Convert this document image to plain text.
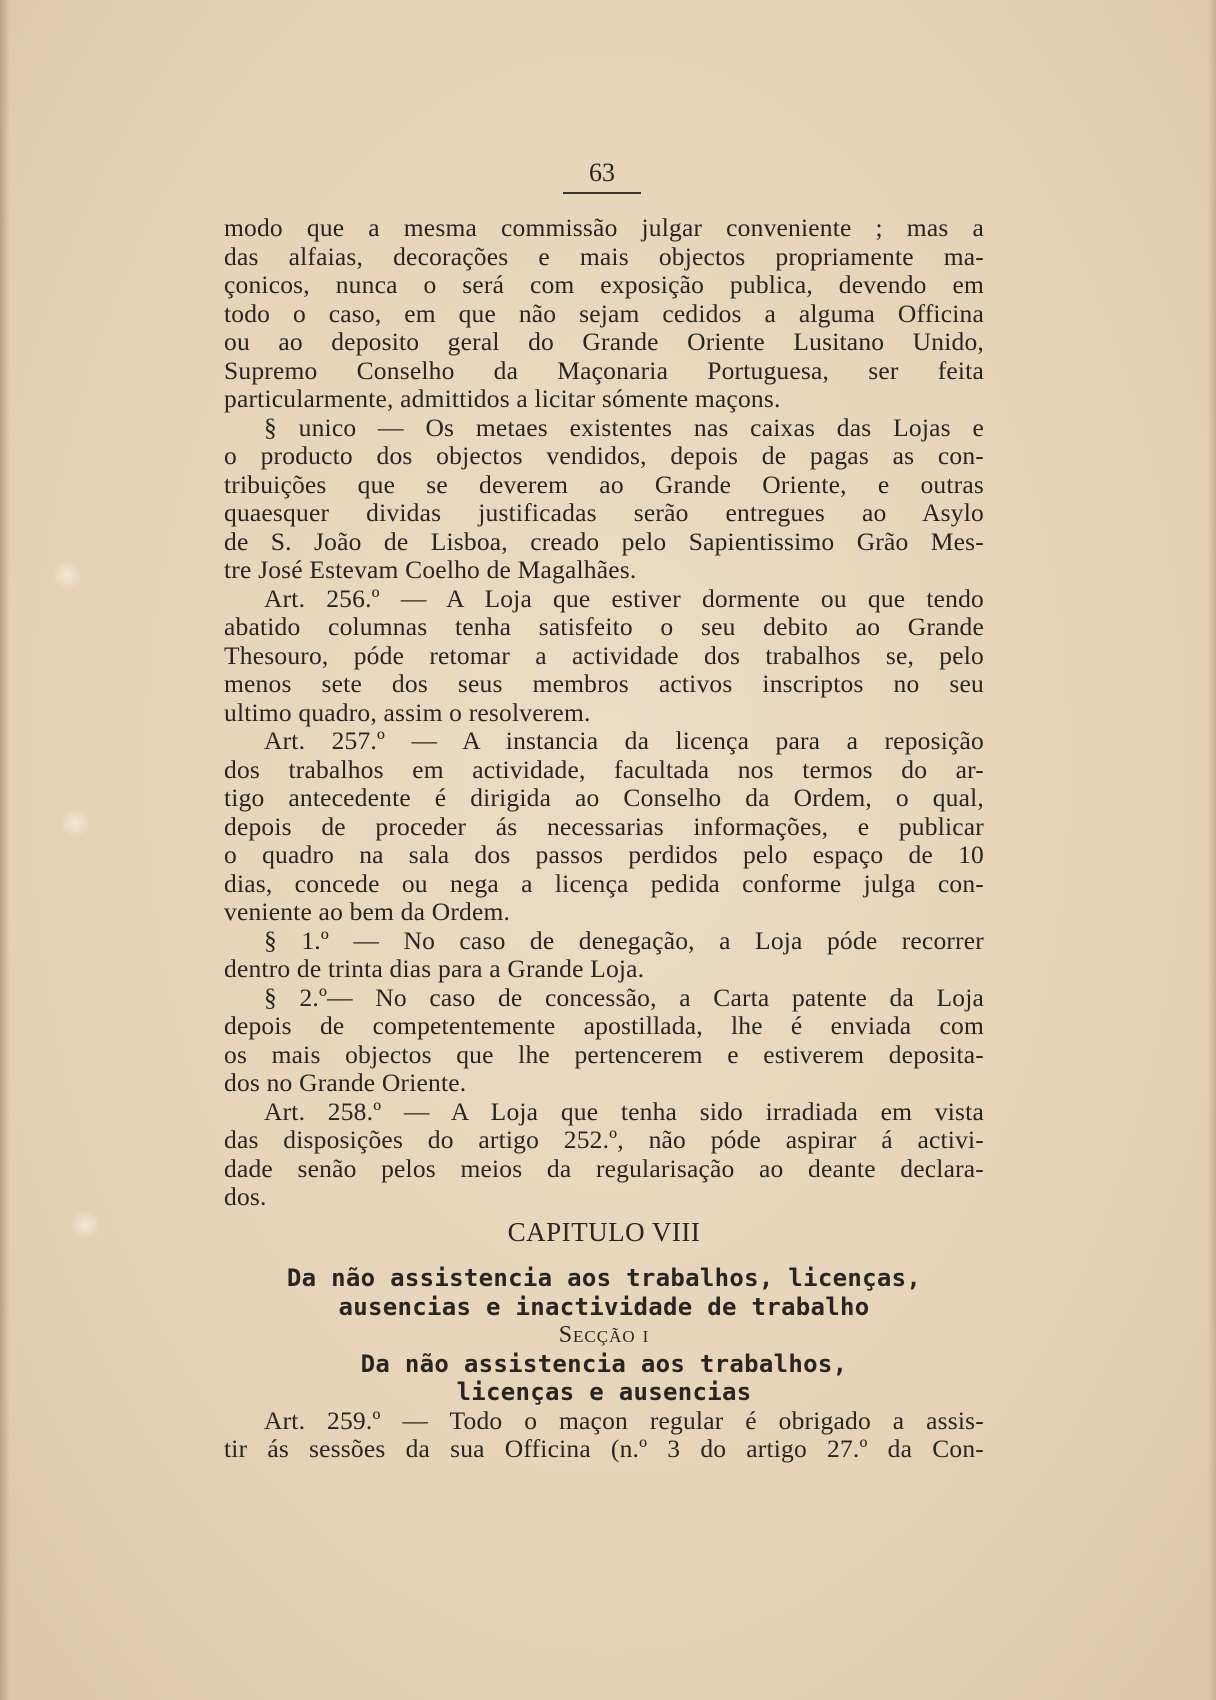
63
modo que a mesma commissão julgar conveniente ; mas a
das alfaias, decorações e mais objectos propriamente ma-
çonicos, nunca o será com exposição publica, devendo em
todo o caso, em que não sejam cedidos a alguma Officina
ou ao deposito geral do Grande Oriente Lusitano Unido,
Supremo Conselho da Maçonaria Portuguesa, ser feita
particularmente, admittidos a licitar sómente maçons.
§ unico — Os metaes existentes nas caixas das Lojas e
o producto dos objectos vendidos, depois de pagas as con-
tribuições que se deverem ao Grande Oriente, e outras
quaesquer dividas justificadas serão entregues ao Asylo
de S. João de Lisboa, creado pelo Sapientissimo Grão Mes-
tre José Estevam Coelho de Magalhães.
Art. 256.º — A Loja que estiver dormente ou que tendo
abatido columnas tenha satisfeito o seu debito ao Grande
Thesouro, póde retomar a actividade dos trabalhos se, pelo
menos sete dos seus membros activos inscriptos no seu
ultimo quadro, assim o resolverem.
Art. 257.º — A instancia da licença para a reposição
dos trabalhos em actividade, facultada nos termos do ar-
tigo antecedente é dirigida ao Conselho da Ordem, o qual,
depois de proceder ás necessarias informações, e publicar
o quadro na sala dos passos perdidos pelo espaço de 10
dias, concede ou nega a licença pedida conforme julga con-
veniente ao bem da Ordem.
§ 1.º — No caso de denegação, a Loja póde recorrer
dentro de trinta dias para a Grande Loja.
§ 2.º— No caso de concessão, a Carta patente da Loja
depois de competentemente apostillada, lhe é enviada com
os mais objectos que lhe pertencerem e estiverem deposita-
dos no Grande Oriente.
Art. 258.º — A Loja que tenha sido irradiada em vista
das disposições do artigo 252.º, não póde aspirar á activi-
dade senão pelos meios da regularisação ao deante declara-
dos.
CAPITULO VIII
Da não assistencia aos trabalhos, licenças,
ausencias e inactividade de trabalho
Secção i
Da não assistencia aos trabalhos,
licenças e ausencias
Art. 259.º — Todo o maçon regular é obrigado a assis-
tir ás sessões da sua Officina (n.º 3 do artigo 27.º da Con-
